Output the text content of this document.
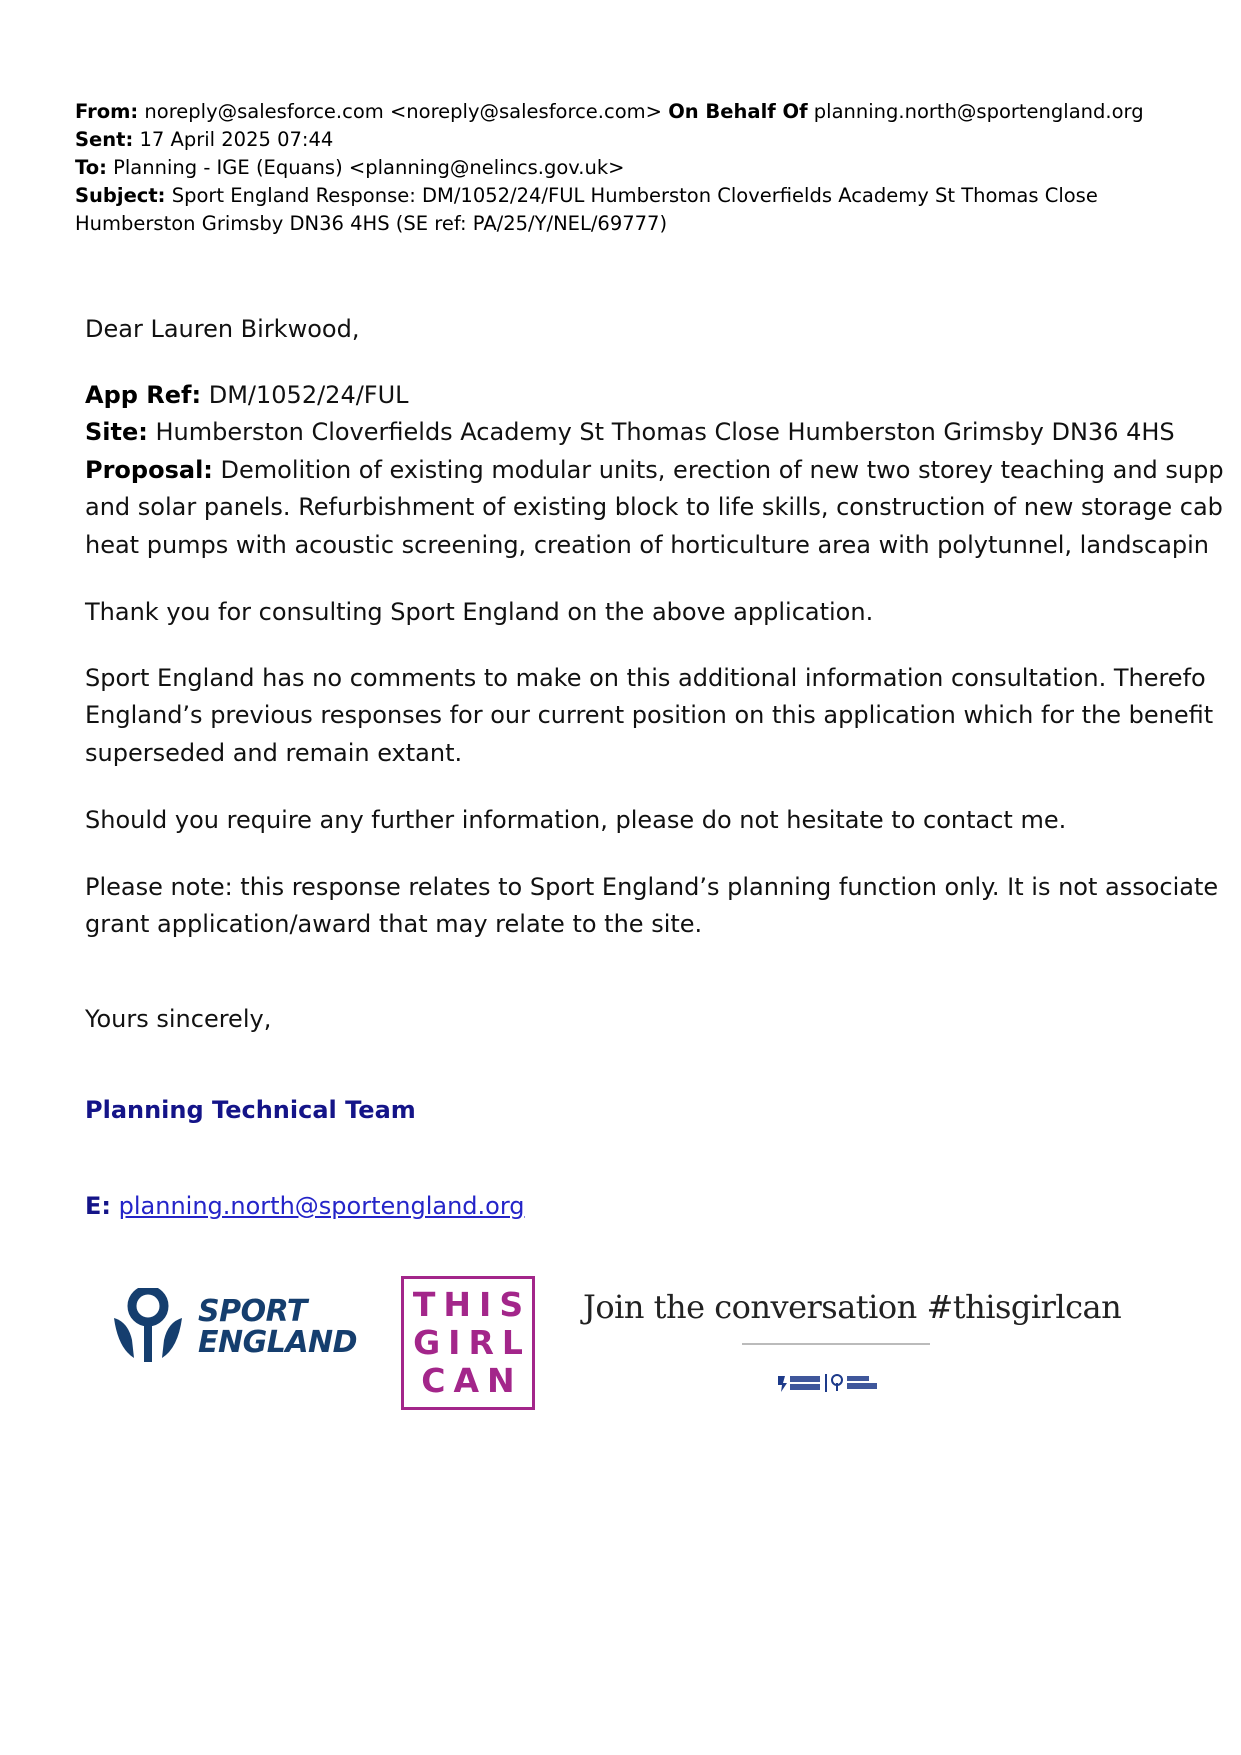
From: noreply@salesforce.com <noreply@salesforce.com> On Behalf Of planning.north@sportengland.org
Sent: 17 April 2025 07:44
To: Planning - IGE (Equans) <planning@nelincs.gov.uk>
Subject: Sport England Response: DM/1052/24/FUL Humberston Cloverfields Academy St Thomas Close Humberston Grimsby DN36 4HS (SE ref: PA/25/Y/NEL/69777)
Dear Lauren Birkwood,
App Ref: DM/1052/24/FUL
Site: Humberston Cloverfields Academy St Thomas Close Humberston Grimsby DN36 4HS
Proposal: Demolition of existing modular units, erection of new two storey teaching and supp
and solar panels. Refurbishment of existing block to life skills, construction of new storage cab
heat pumps with acoustic screening, creation of horticulture area with polytunnel, landscapin
Thank you for consulting Sport England on the above application.
Sport England has no comments to make on this additional information consultation. Therefo
England’s previous responses for our current position on this application which for the benefit
superseded and remain extant.
Should you require any further information, please do not hesitate to contact me.
Please note: this response relates to Sport England’s planning function only. It is not associate
grant application/award that may relate to the site.
Yours sincerely,
Planning Technical Team
E: planning.north@sportengland.org
SPORT
ENGLAND
THIS
GIRL
CAN
Join the conversation #thisgirlcan
